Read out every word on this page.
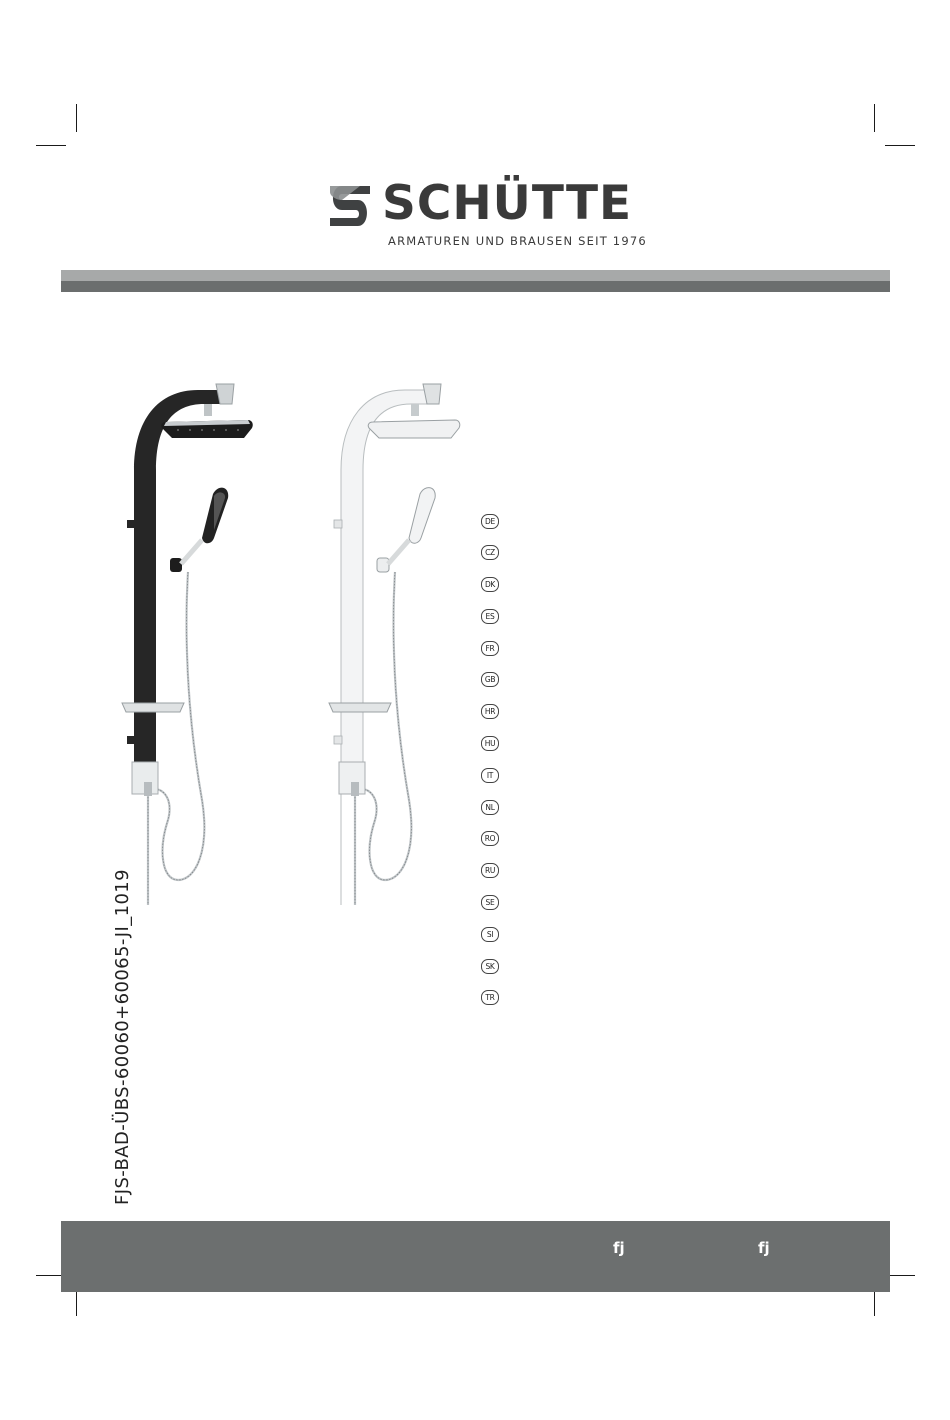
SCHÜTTE
ARMATUREN UND BRAUSEN SEIT 1976
DE
CZ
DK
ES
FR
GB
HR
HU
IT
NL
RO
RU
SE
SI
SK
TR
FJS-BAD-ÜBS-60060+60065-JI_1019
fj	fj
